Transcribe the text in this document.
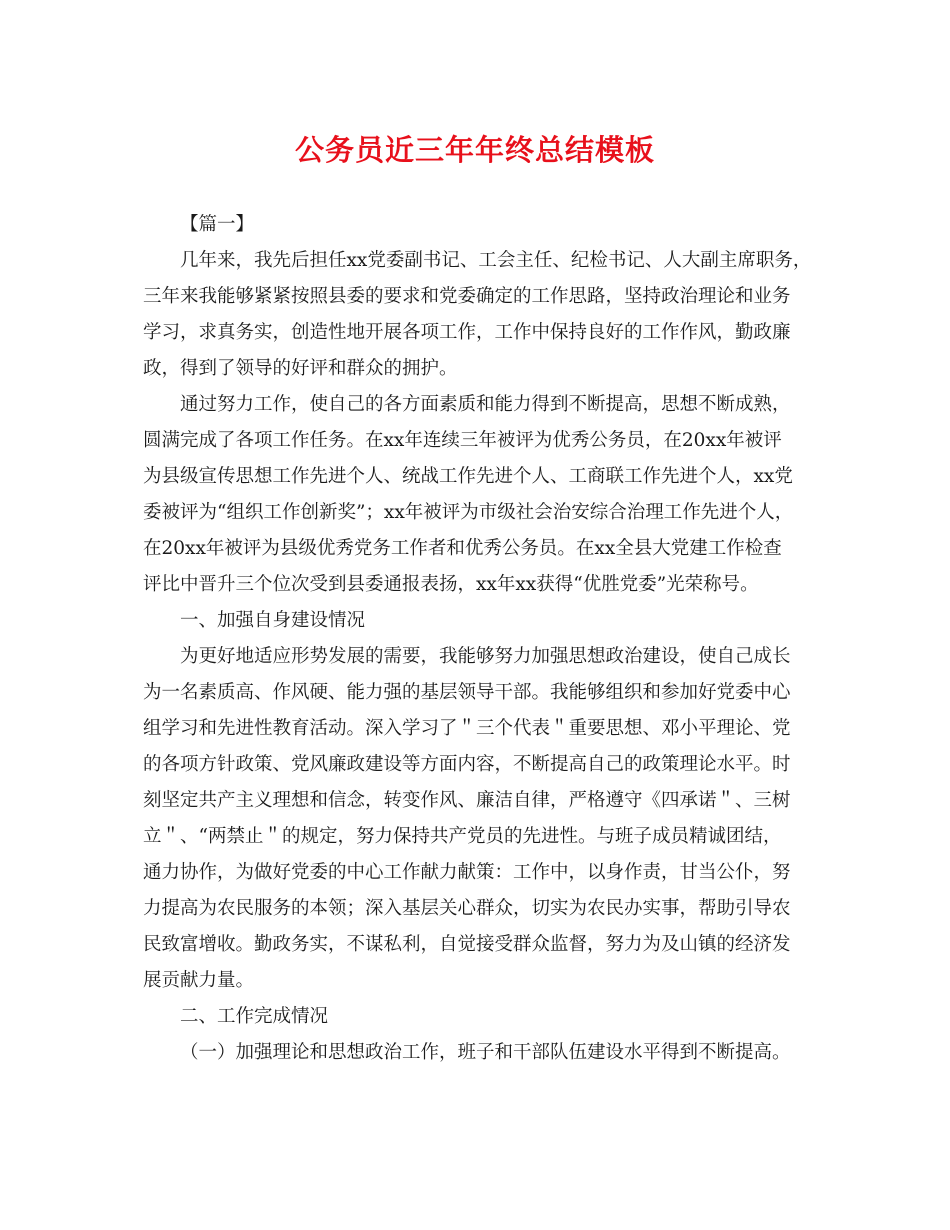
公务员近三年年终总结模板

【篇一】

几年来，我先后担任xx党委副书记、工会主任、纪检书记、人大副主席职务，

三年来我能够紧紧按照县委的要求和党委确定的工作思路，坚持政治理论和业务

学习，求真务实，创造性地开展各项工作，工作中保持良好的工作作风，勤政廉

政，得到了领导的好评和群众的拥护。

通过努力工作，使自己的各方面素质和能力得到不断提高，思想不断成熟，

圆满完成了各项工作任务。在xx年连续三年被评为优秀公务员，在20xx年被评

为县级宣传思想工作先进个人、统战工作先进个人、工商联工作先进个人，xx党

委被评为“组织工作创新奖”；xx年被评为市级社会治安综合治理工作先进个人，

在20xx年被评为县级优秀党务工作者和优秀公务员。在xx全县大党建工作检查

评比中晋升三个位次受到县委通报表扬，xx年xx获得“优胜党委”光荣称号。

一、加强自身建设情况

为更好地适应形势发展的需要，我能够努力加强思想政治建设，使自己成长

为一名素质高、作风硬、能力强的基层领导干部。我能够组织和参加好党委中心

组学习和先进性教育活动。深入学习了＂三个代表＂重要思想、邓小平理论、党

的各项方针政策、党风廉政建设等方面内容，不断提高自己的政策理论水平。时

刻坚定共产主义理想和信念，转变作风、廉洁自律，严格遵守《四承诺＂、三树

立＂、“两禁止＂的规定，努力保持共产党员的先进性。与班子成员精诚团结，

通力协作，为做好党委的中心工作献力献策：工作中，以身作责，甘当公仆，努

力提高为农民服务的本领；深入基层关心群众，切实为农民办实事，帮助引导农

民致富增收。勤政务实，不谋私利，自觉接受群众监督，努力为及山镇的经济发

展贡献力量。

二、工作完成情况

（一）加强理论和思想政治工作，班子和干部队伍建设水平得到不断提高。
